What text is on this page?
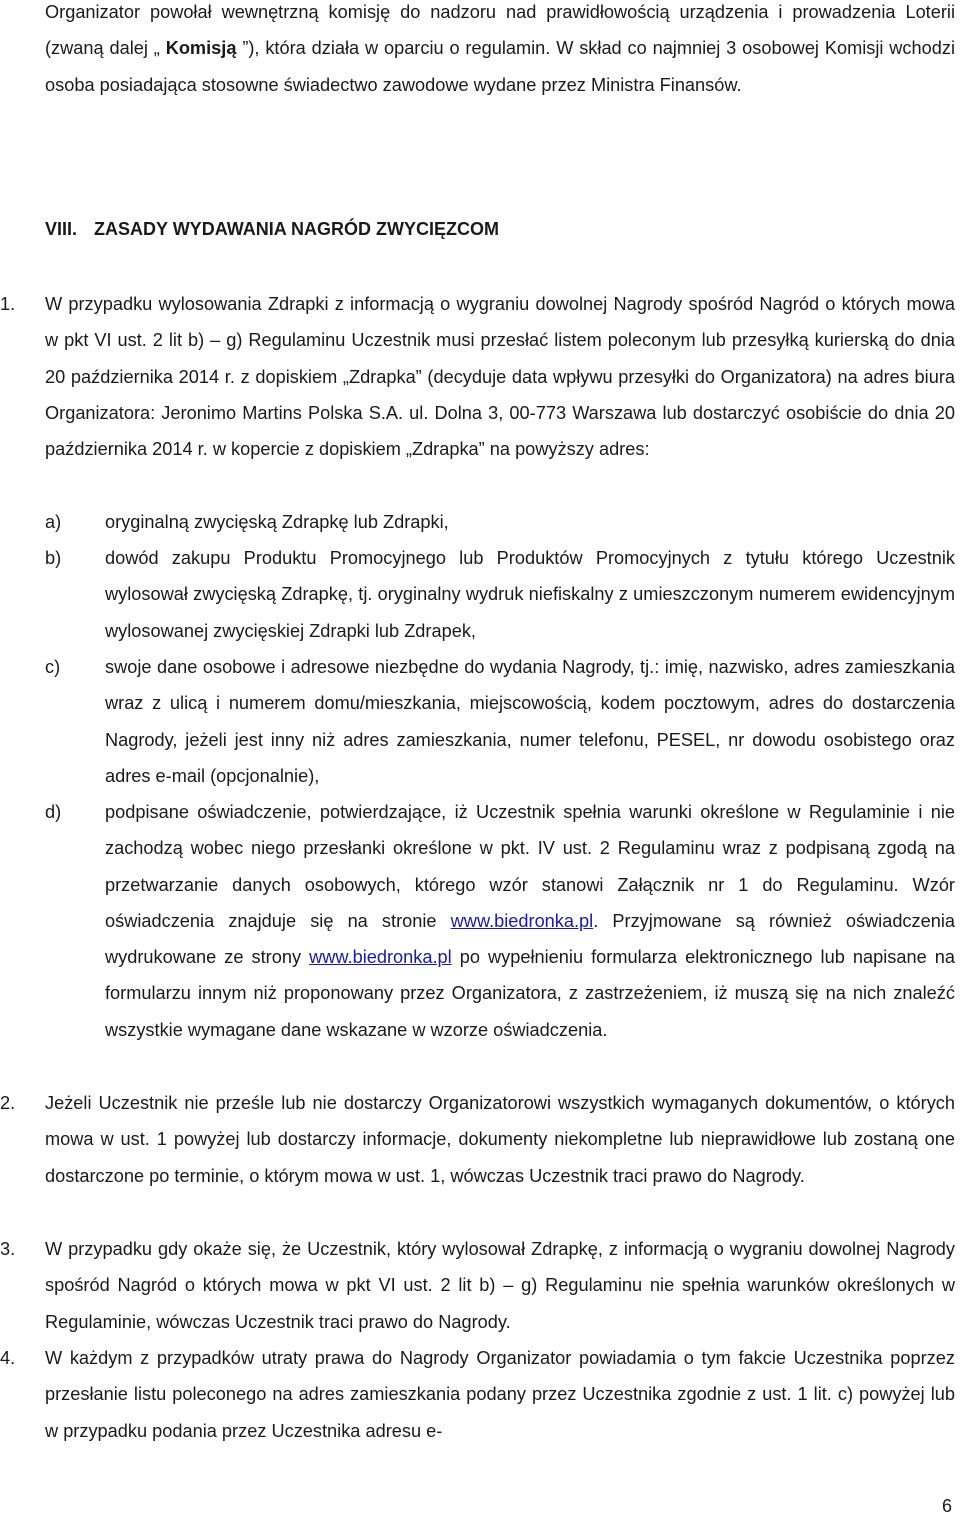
Organizator powołał wewnętrzną komisję do nadzoru nad prawidłowością urządzenia i prowadzenia Loterii (zwaną dalej „ Komisją ”), która działa w oparciu o regulamin. W skład co najmniej 3 osobowej Komisji wchodzi osoba posiadająca stosowne świadectwo zawodowe wydane przez Ministra Finansów.
VIII. ZASADY WYDAWANIA NAGRÓD ZWYCIĘZCOM
1.	W przypadku wylosowania Zdrapki z informacją o wygraniu dowolnej Nagrody spośród Nagród o których mowa w pkt VI ust. 2 lit b) – g) Regulaminu Uczestnik musi przesłać listem poleconym lub przesyłką kurierską do dnia 20 października 2014 r. z dopiskiem „Zdrapka” (decyduje data wpływu przesyłki do Organizatora) na adres biura Organizatora: Jeronimo Martins Polska S.A. ul. Dolna 3, 00-773 Warszawa lub dostarczyć osobiście do dnia 20 października 2014 r. w kopercie z dopiskiem „Zdrapka” na powyższy adres:
a) oryginalną zwycięską Zdrapkę lub Zdrapki,
b) dowód zakupu Produktu Promocyjnego lub Produktów Promocyjnych z tytułu którego Uczestnik wylosował zwycięską Zdrapkę, tj. oryginalny wydruk niefiskalny z umieszczonym numerem ewidencyjnym wylosowanej zwycięskiej Zdrapki lub Zdrapek,
c) swoje dane osobowe i adresowe niezbędne do wydania Nagrody, tj.: imię, nazwisko, adres zamieszkania wraz z ulicą i numerem domu/mieszkania, miejscowością, kodem pocztowym, adres do dostarczenia Nagrody, jeżeli jest inny niż adres zamieszkania, numer telefonu, PESEL, nr dowodu osobistego oraz adres e-mail (opcjonalnie),
d) podpisane oświadczenie, potwierdzające, iż Uczestnik spełnia warunki określone w Regulaminie i nie zachodzą wobec niego przesłanki określone w pkt. IV ust. 2 Regulaminu wraz z podpisaną zgodą na przetwarzanie danych osobowych, którego wzór stanowi Załącznik nr 1 do Regulaminu. Wzór oświadczenia znajduje się na stronie www.biedronka.pl. Przyjmowane są również oświadczenia wydrukowane ze strony www.biedronka.pl po wypełnieniu formularza elektronicznego lub napisane na formularzu innym niż proponowany przez Organizatora, z zastrzeżeniem, iż muszą się na nich znaleźć wszystkie wymagane dane wskazane w wzorze oświadczenia.
2.	Jeżeli Uczestnik nie prześle lub nie dostarczy Organizatorowi wszystkich wymaganych dokumentów, o których mowa w ust. 1 powyżej lub dostarczy informacje, dokumenty niekompletne lub nieprawidłowe lub zostaną one dostarczone po terminie, o którym mowa w ust. 1, wówczas Uczestnik traci prawo do Nagrody.
3.	W przypadku gdy okaże się, że Uczestnik, który wylosował Zdrapkę, z informacją o wygraniu dowolnej Nagrody spośród Nagród o których mowa w pkt VI ust. 2 lit b) – g) Regulaminu nie spełnia warunków określonych w Regulaminie, wówczas Uczestnik traci prawo do Nagrody.
4.	W każdym z przypadków utraty prawa do Nagrody Organizator powiadamia o tym fakcie Uczestnika poprzez przesłanie listu poleconego na adres zamieszkania podany przez Uczestnika zgodnie z ust. 1 lit. c) powyżej lub w przypadku podania przez Uczestnika adresu e-
6
